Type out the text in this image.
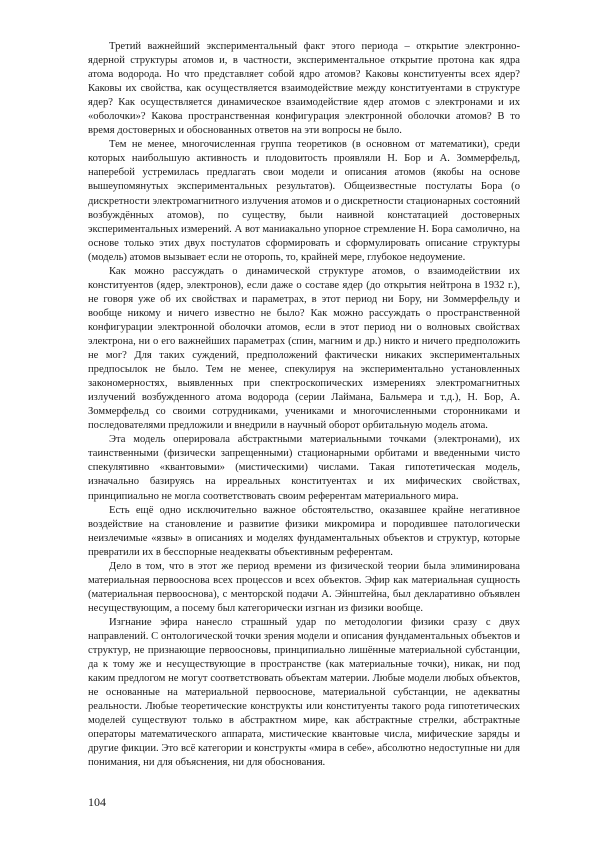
Третий важнейший экспериментальный факт этого периода – открытие электронно-ядерной структуры атомов и, в частности, экспериментальное открытие протона как ядра атома водорода. Но что представляет собой ядро атомов? Каковы конституенты всех ядер? Каковы их свойства, как осуществляется взаимодействие между конституентами в структуре ядер? Как осуществляется динамическое взаимодействие ядер атомов с электронами и их «оболочки»? Какова пространственная конфигурация электронной оболочки атомов? В то время достоверных и обоснованных ответов на эти вопросы не было.

Тем не менее, многочисленная группа теоретиков (в основном от математики), среди которых наибольшую активность и плодовитость проявляли Н. Бор и А. Зоммерфельд, наперебой устремилась предлагать свои модели и описания атомов (якобы на основе вышеупомянутых экспериментальных результатов). Общеизвестные постулаты Бора (о дискретности электромагнитного излучения атомов и о дискретности стационарных состояний возбуждённых атомов), по существу, были наивной констатацией достоверных экспериментальных измерений. А вот маниакально упорное стремление Н. Бора самолично, на основе только этих двух постулатов сформировать и сформулировать описание структуры (модель) атомов вызывает если не оторопь, то, крайней мере, глубокое недоумение.

Как можно рассуждать о динамической структуре атомов, о взаимодействии их конституентов (ядер, электронов), если даже о составе ядер (до открытия нейтрона в 1932 г.), не говоря уже об их свойствах и параметрах, в этот период ни Бору, ни Зоммерфельду и вообще никому и ничего известно не было? Как можно рассуждать о пространственной конфигурации электронной оболочки атомов, если в этот период ни о волновых свойствах электрона, ни о его важнейших параметрах (спин, магним и др.) никто и ничего предположить не мог? Для таких суждений, предположений фактически никаких экспериментальных предпосылок не было. Тем не менее, спекулируя на экспериментально установленных закономерностях, выявленных при спектроскопических измерениях электромагнитных излучений возбужденного атома водорода (серии Лаймана, Бальмера и т.д.), Н. Бор, А. Зоммерфельд со своими сотрудниками, учениками и многочисленными сторонниками и последователями предложили и внедрили в научный оборот орбитальную модель атома.

Эта модель оперировала абстрактными материальными точками (электронами), их таинственными (физически запрещенными) стационарными орбитами и введенными чисто спекулятивно «квантовыми» (мистическими) числами. Такая гипотетическая модель, изначально базируясь на ирреальных конституентах и их мифических свойствах, принципиально не могла соответствовать своим референтам материального мира.

Есть ещё одно исключительно важное обстоятельство, оказавшее крайне негативное воздействие на становление и развитие физики микромира и породившее патологически неизлечимые «язвы» в описаниях и моделях фундаментальных объектов и структур, которые превратили их в бесспорные неадекваты объективным референтам.

Дело в том, что в этот же период времени из физической теории была элиминирована материальная первооснова всех процессов и всех объектов. Эфир как материальная сущность (материальная первооснова), с менторской подачи А. Эйнштейна, был декларативно объявлен несуществующим, а посему был категорически изгнан из физики вообще.

Изгнание эфира нанесло страшный удар по методологии физики сразу с двух направлений. С онтологической точки зрения модели и описания фундаментальных объектов и структур, не признающие первоосновы, принципиально лишённые материальной субстанции, да к тому же и несуществующие в пространстве (как материальные точки), никак, ни под каким предлогом не могут соответствовать объектам материи. Любые модели любых объектов, не основанные на материальной первооснове, материальной субстанции, не адекватны реальности. Любые теоретические конструкты или конституенты такого рода гипотетических моделей существуют только в абстрактном мире, как абстрактные стрелки, абстрактные операторы математического аппарата, мистические квантовые числа, мифические заряды и другие фикции. Это всё категории и конструкты «мира в себе», абсолютно недоступные ни для понимания, ни для объяснения, ни для обоснования.

104
